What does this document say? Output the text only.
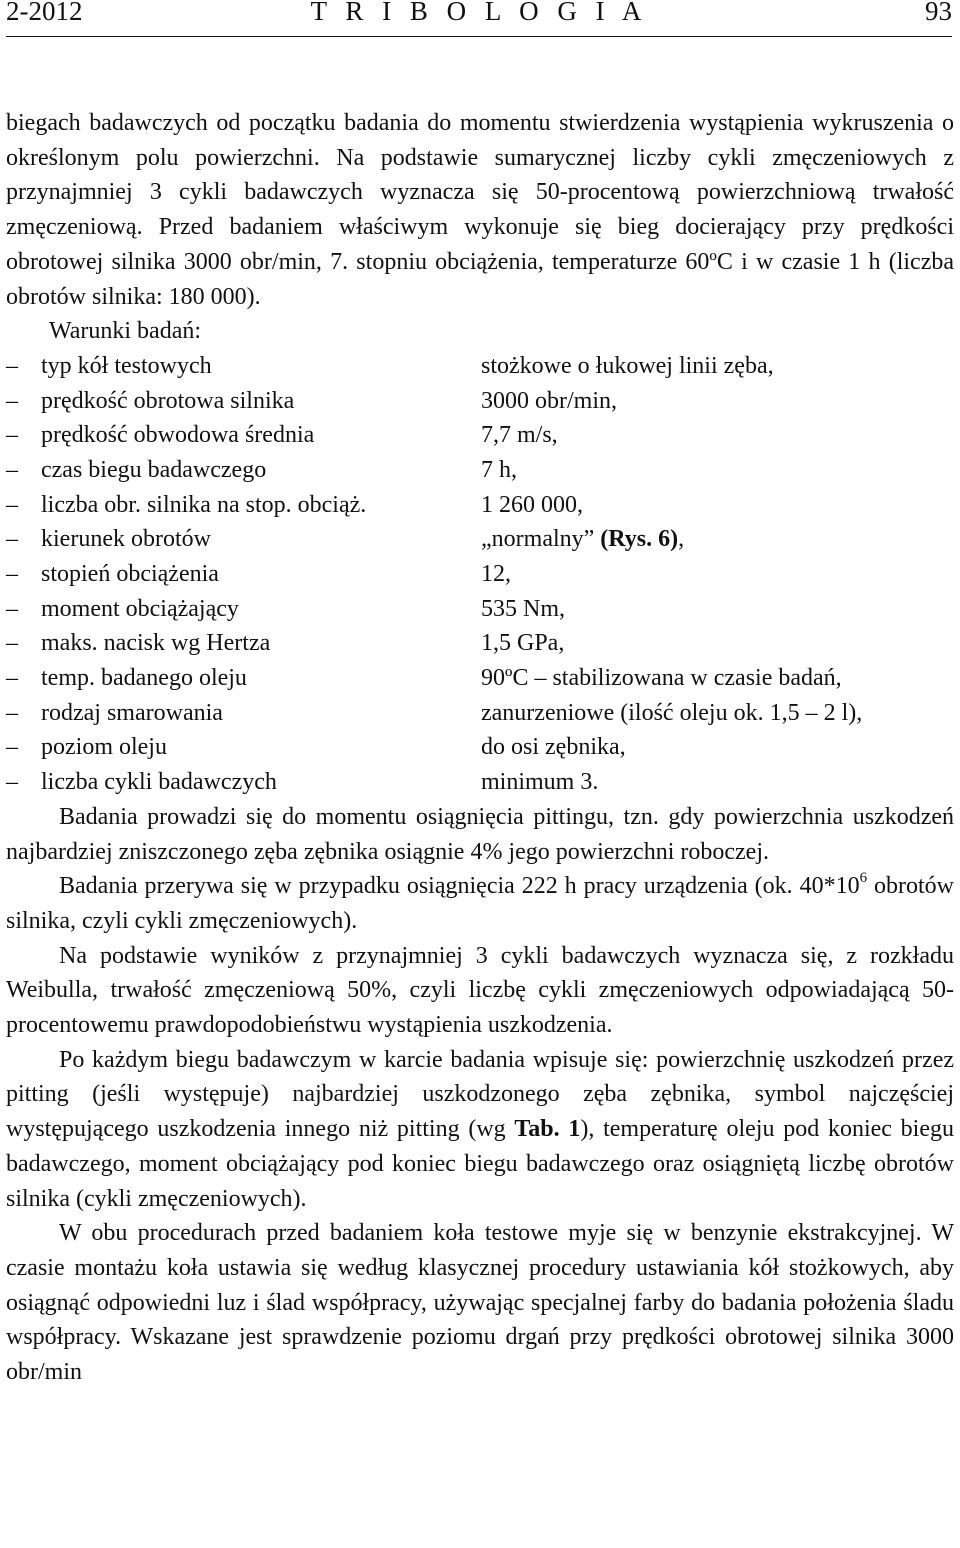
2-2012	T R I B O L O G I A	93

biegach badawczych od początku badania do momentu stwierdzenia wystąpienia wykruszenia o określonym polu powierzchni. Na podstawie sumarycznej liczby cykli zmęczeniowych z przynajmniej 3 cykli badawczych wyznacza się 50-procentową powierzchniową trwałość zmęczeniową. Przed badaniem właściwym wykonuje się bieg docierający przy prędkości obrotowej silnika 3000 obr/min, 7. stopniu obciążenia, temperaturze 60ºC i w czasie 1 h (liczba obrotów silnika: 180 000).

Warunki badań:

– typ kół testowych	stożkowe o łukowej linii zęba,
– prędkość obrotowa silnika	3000 obr/min,
– prędkość obwodowa średnia	7,7 m/s,
– czas biegu badawczego	7 h,
– liczba obr. silnika na stop. obciąż.	1 260 000,
– kierunek obrotów	„normalny” (Rys. 6),
– stopień obciążenia	12,
– moment obciążający	535 Nm,
– maks. nacisk wg Hertza	1,5 GPa,
– temp. badanego oleju	90ºC – stabilizowana w czasie badań,
– rodzaj smarowania	zanurzeniowe (ilość oleju ok. 1,5 – 2 l),
– poziom oleju	do osi zębnika,
– liczba cykli badawczych	minimum 3.

Badania prowadzi się do momentu osiągnięcia pittingu, tzn. gdy powierzchnia uszkodzeń najbardziej zniszczonego zęba zębnika osiągnie 4% jego powierzchni roboczej.

Badania przerywa się w przypadku osiągnięcia 222 h pracy urządzenia (ok. $40*10^6$ obrotów silnika, czyli cykli zmęczeniowych).

Na podstawie wyników z przynajmniej 3 cykli badawczych wyznacza się, z rozkładu Weibulla, trwałość zmęczeniową 50%, czyli liczbę cykli zmęczeniowych odpowiadającą 50-procentowemu prawdopodobieństwu wystąpienia uszkodzenia.

Po każdym biegu badawczym w karcie badania wpisuje się: powierzchnię uszkodzeń przez pitting (jeśli występuje) najbardziej uszkodzonego zęba zębnika, symbol najczęściej występującego uszkodzenia innego niż pitting (wg Tab. 1), temperaturę oleju pod koniec biegu badawczego, moment obciążający pod koniec biegu badawczego oraz osiągniętą liczbę obrotów silnika (cykli zmęczeniowych).

W obu procedurach przed badaniem koła testowe myje się w benzynie ekstrakcyjnej. W czasie montażu koła ustawia się według klasycznej procedury ustawiania kół stożkowych, aby osiągnąć odpowiedni luz i ślad współpracy, używając specjalnej farby do badania położenia śladu współpracy. Wskazane jest sprawdzenie poziomu drgań przy prędkości obrotowej silnika 3000 obr/min
